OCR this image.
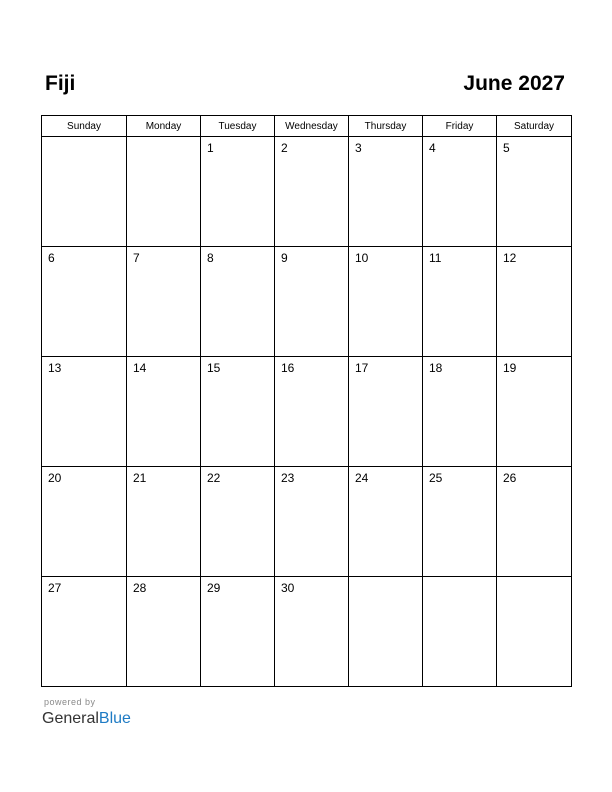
Fiji	June 2027
Sunday	Monday	Tuesday	Wednesday	Thursday	Friday	Saturday

		1	2	3	4	5

6	7	8	9	10	11	12

13	14	15	16	17	18	19

20	21	22	23	24	25	26

27	28	29	30			

powered by
GeneralBlue
